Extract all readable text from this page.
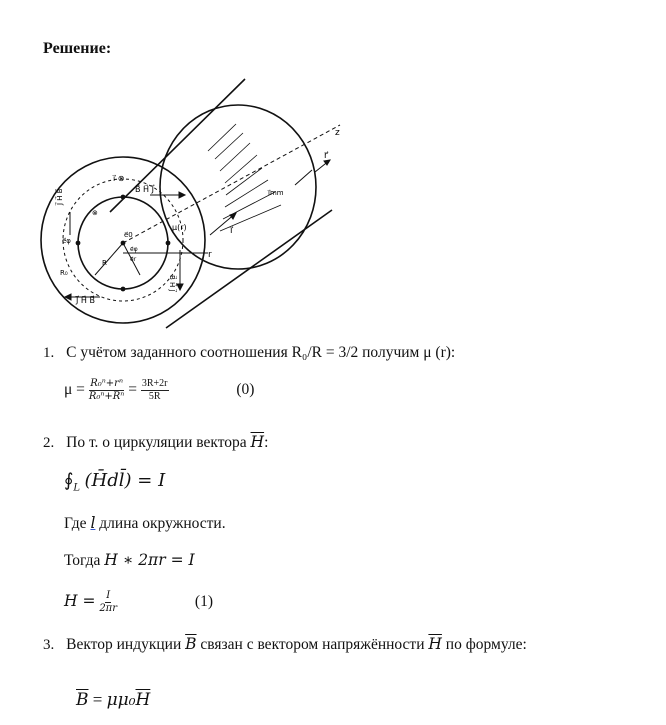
Решение:
z
r⃗
i⃗mm
i⃗ ⊗
B⃗ H⃗ J⃗
J⃗ H⃗ B⃗
⊗
e⃗φ
e⃗0
e⃗φ
e⃗r
μ(r)	i⃗
r
R₀
R
J⃗ H⃗ B⃗
B⃗ H⃗ J⃗
1. С учётом заданного соотношения R₀/R = 3/2 получим μ (r):
$\mu = \frac{\text{R₀ⁿ+rⁿ}}{\text{R₀ⁿ+Rⁿ}} = \frac{3R+2r}{5R}$	(0)
2. По т. о циркуляции вектора $\overline{H}$:
$∮_L$ (H̄dl̄) = I
Где l длина окружности.
Тогда H ∗ 2πr = I
$H = \frac{I}{2\pi r}$	(1)
3. Вектор индукции $\overline{B}$ связан с вектором напряжённости $\overline{H}$ по формуле:
$\overline{B} = \mu\mu_0\overline{H}$
